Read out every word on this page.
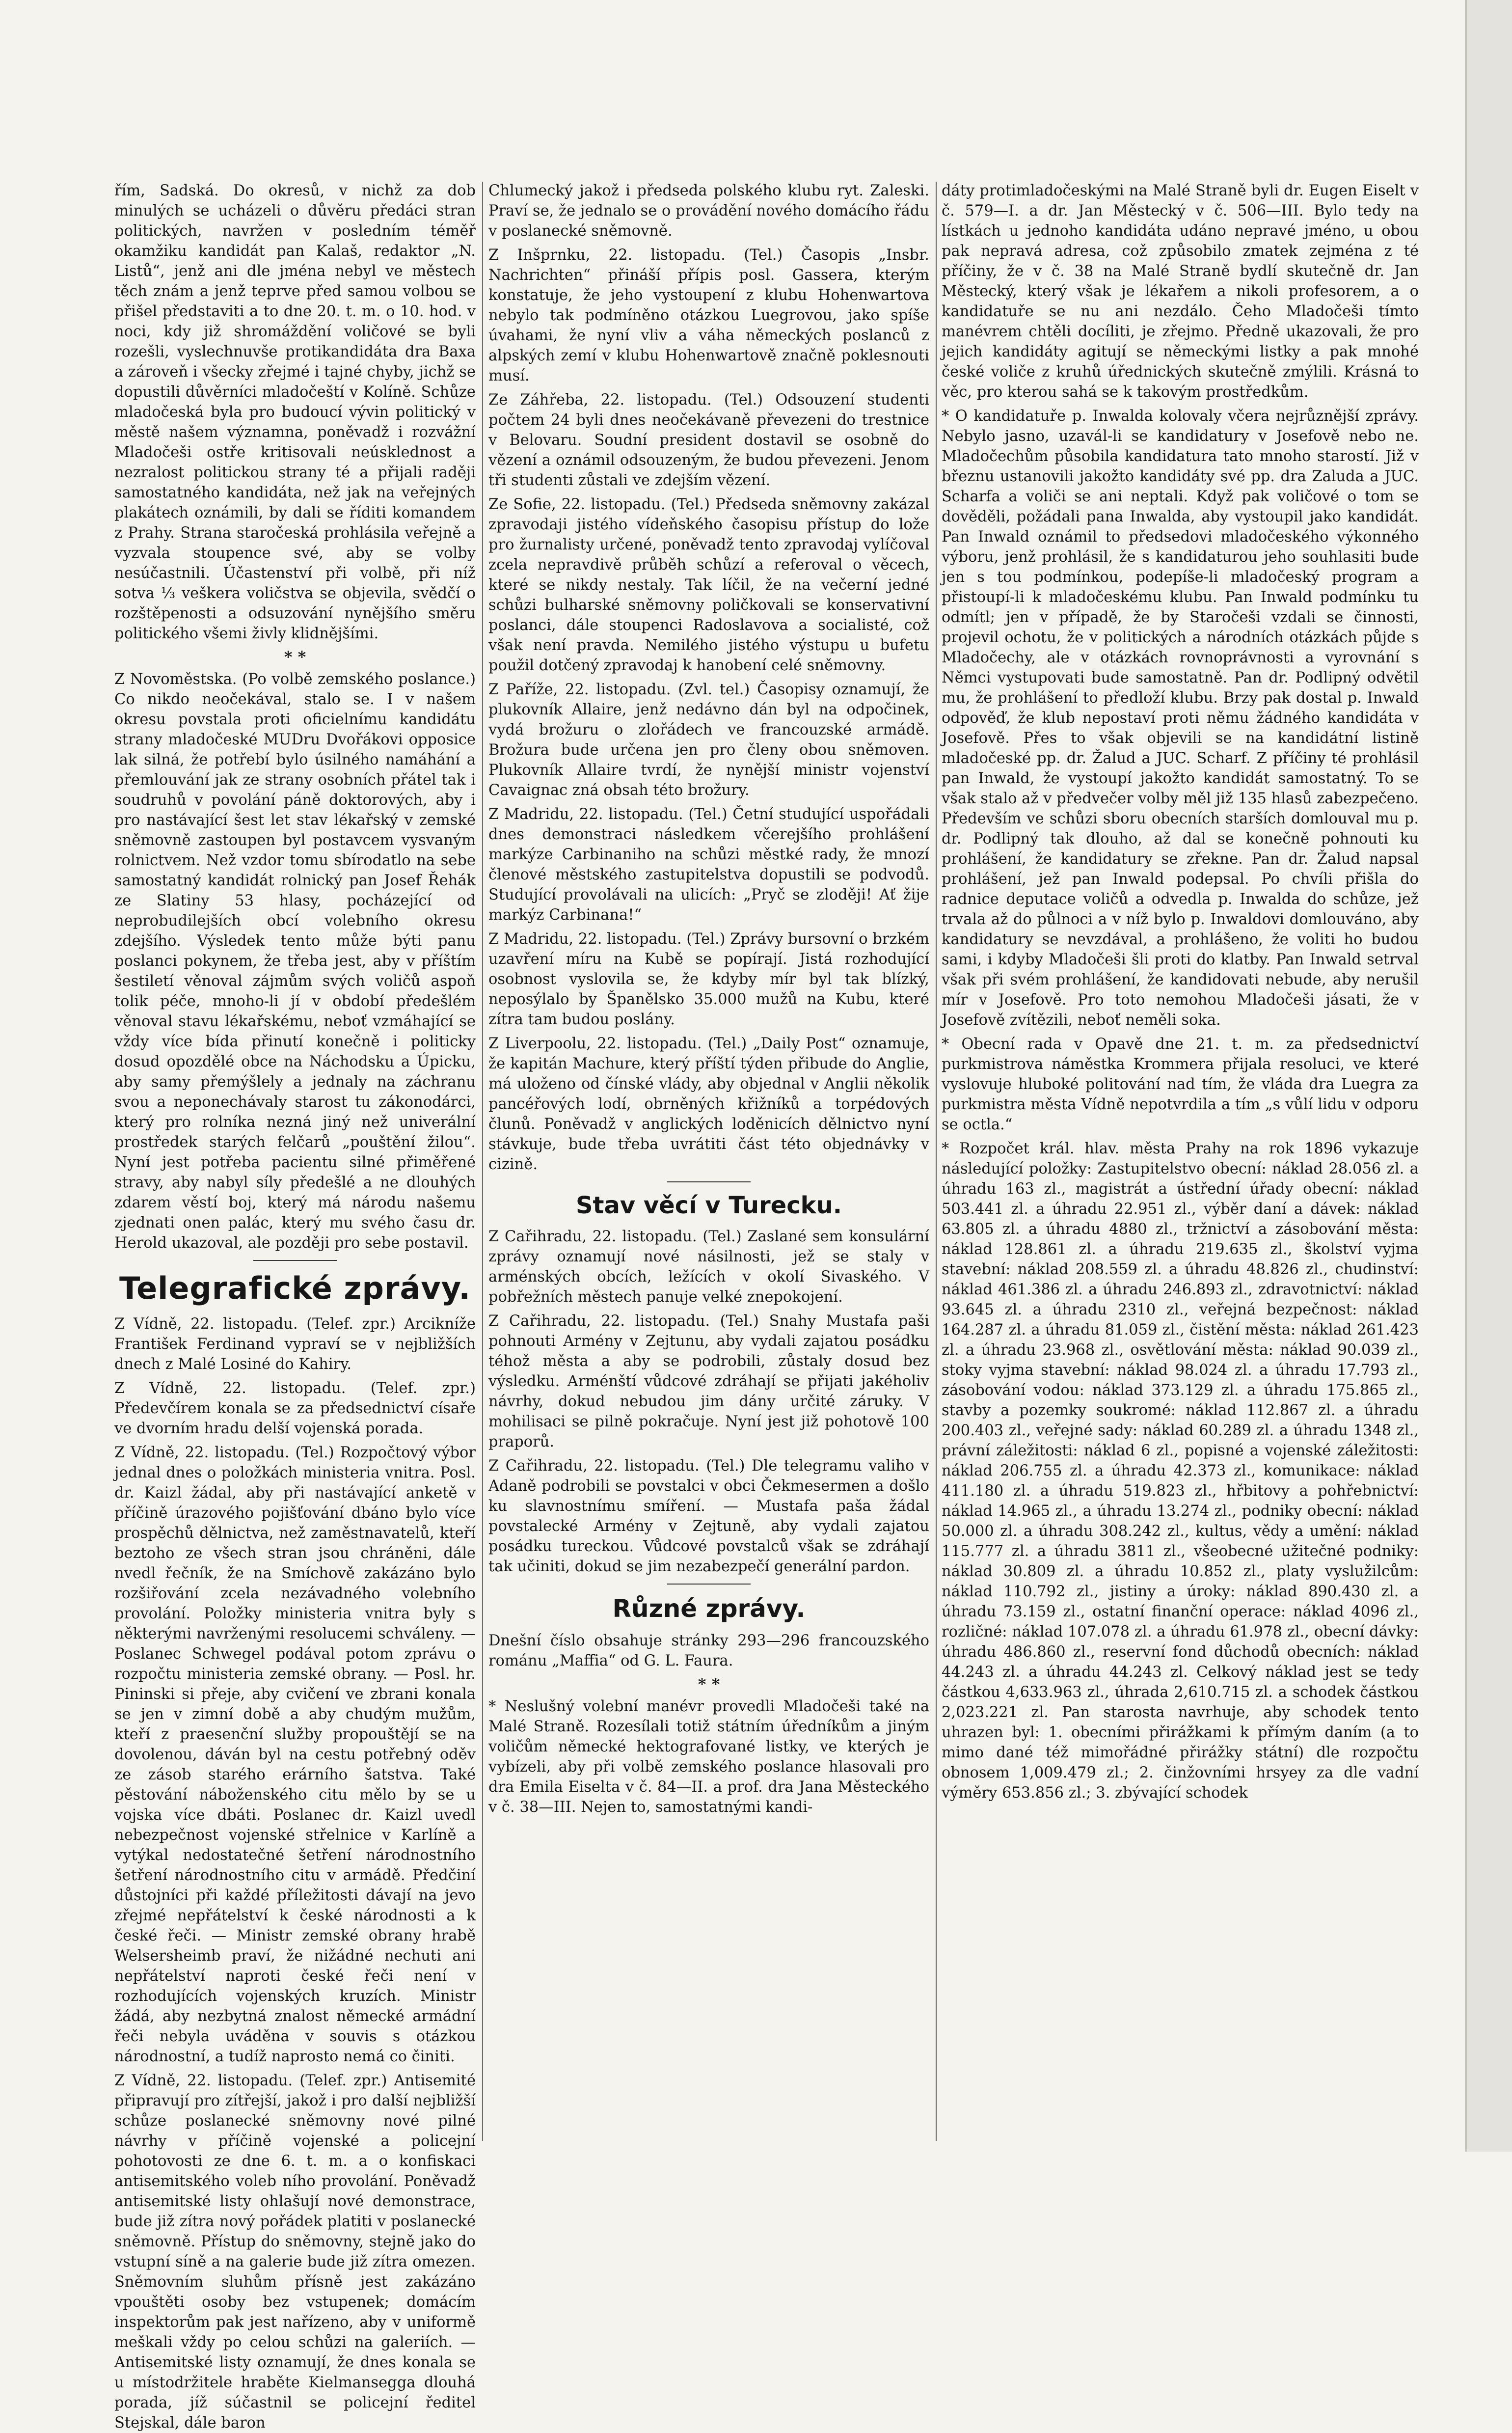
řím, Sadská. Do okresů, v nichž za dob minulých se ucházeli o důvěru předáci stran politických, navržen v posledním téměř okamžiku kandidát pan Kalaš, redaktor „N. Listů“, jenž ani dle jména nebyl ve městech těch znám a jenž teprve před samou volbou se přišel představiti a to dne 20. t. m. o 10. hod. v noci, kdy již shromáždění voličové se byli rozešli, vyslechnuvše protikandidáta dra Baxa a zároveň i všecky zřejmé i tajné chyby, jichž se dopustili důvěrníci mladočeští v Kolíně. Schůze mladočeská byla pro budoucí vývin politický v městě našem významna, poněvadž i rozvážní Mladočeši ostře kritisovali neúsklednost a nezralost politickou strany té a přijali raději samostatného kandidáta, než jak na veřejných plakátech oznámili, by dali se říditi komandem z Prahy. Strana staročeská prohlásila veřejně a vyzvala stoupence své, aby se volby nesúčastnili. Účastenství při volbě, při níž sotva ⅓ veškera voličstva se objevila, svědčí o rozštěpenosti a odsuzování nynějšího směru politického všemi živly klidnějšími.

* *

Z Novoměstska. (Po volbě zemského poslance.) Co nikdo neočekával, stalo se. I v našem okresu povstala proti oficielnímu kandidátu strany mladočeské MUDru Dvořákovi opposice lak silná, že potřebí bylo úsilného namáhání a přemlouvání jak ze strany osobních přátel tak i soudruhů v povolání páně doktorových, aby i pro nastávající šest let stav lékařský v zemské sněmovně zastoupen byl postavcem vysvaným rolnictvem. Než vzdor tomu sbírodatlo na sebe samostatný kandidát rolnický pan Josef Řehák ze Slatiny 53 hlasy, pocházející od neprobudilejších obcí volebního okresu zdejšího. Výsledek tento může býti panu poslanci pokynem, že třeba jest, aby v příštím šestiletí věnoval zájmům svých voličů aspoň tolik péče, mnoho-li jí v období předešlém věnoval stavu lékařskému, neboť vzmáhající se vždy více bída přinutí konečně i politicky dosud opozdělé obce na Náchodsku a Úpicku, aby samy přemýšlely a jednaly na záchranu svou a neponechávaly starost tu zákonodárci, který pro rolníka nezná jiný než univerální prostředek starých felčarů „pouštění žilou“. Nyní jest potřeba pacientu silné přiměřené stravy, aby nabyl síly předešlé a ne dlouhých zdarem věstí boj, který má národu našemu zjednati onen palác, který mu svého času dr. Herold ukazoval, ale později pro sebe postavil.

Telegrafické zprávy.

Z Vídně, 22. listopadu. (Telef. zpr.) Arcikníže František Ferdinand vypraví se v nejbližších dnech z Malé Losiné do Kahiry.

Z Vídně, 22. listopadu. (Telef. zpr.) Předevčírem konala se za předsednictví císaře ve dvorním hradu delší vojenská porada.

Z Vídně, 22. listopadu. (Tel.) Rozpočtový výbor jednal dnes o položkách ministeria vnitra. Posl. dr. Kaizl žádal, aby při nastávající anketě v příčině úrazového pojišťování dbáno bylo více prospěchů dělnictva, než zaměstnavatelů, kteří beztoho ze všech stran jsou chráněni, dále nvedl řečník, že na Smíchově zakázáno bylo rozšiřování zcela nezávadného volebního provolání. Položky ministeria vnitra byly s některými navrženými resolucemi schváleny. — Poslanec Schwegel podával potom zprávu o rozpočtu ministeria zemské obrany. — Posl. hr. Pininski si přeje, aby cvičení ve zbrani konala se jen v zimní době a aby chudým mužům, kteří z praesenční služby propouštějí se na dovolenou, dáván byl na cestu potřebný oděv ze zásob starého erárního šatstva. Také pěstování náboženského citu mělo by se u vojska více dbáti. Poslanec dr. Kaizl uvedl nebezpečnost vojenské střelnice v Karlíně a vytýkal nedostatečné šetření národnostního šetření národnostního citu v armádě. Předčiní důstojníci při každé příležitosti dávají na jevo zřejmé nepřátelství k české národnosti a k české řeči. — Ministr zemské obrany hrabě Welsersheimb praví, že nižádné nechuti ani nepřátelství naproti české řeči není v rozhodujících vojenských kruzích. Ministr žádá, aby nezbytná znalost německé armádní řeči nebyla uváděna v souvis s otázkou národnostní, a tudíž naprosto nemá co činiti.

Z Vídně, 22. listopadu. (Telef. zpr.) Antisemité připravují pro zítřejší, jakož i pro další nejbližší schůze poslanecké sněmovny nové pilné návrhy v příčině vojenské a policejní pohotovosti ze dne 6. t. m. a o konfiskaci antisemitského voleb ního provolání. Poněvadž antisemitské listy ohlašují nové demonstrace, bude již zítra nový pořádek platiti v poslanecké sněmovně. Přístup do sněmovny, stejně jako do vstupní síně a na galerie bude již zítra omezen. Sněmovním sluhům přísně jest zakázáno vpouštěti osoby bez vstupenek; domácím inspektorům pak jest nařízeno, aby v uniformě meškali vždy po celou schůzi na galeriích. — Antisemitské listy oznamují, že dnes konala se u místodržitele hraběte Kielmansegga dlouhá porada, jíž súčastnil se policejní ředitel Stejskal, dále baron

Chlumecký jakož i předseda polského klubu ryt. Zaleski. Praví se, že jednalo se o provádění nového domácího řádu v poslanecké sněmovně.

Z Inšprnku, 22. listopadu. (Tel.) Časopis „Insbr. Nachrichten“ přináší přípis posl. Gassera, kterým konstatuje, že jeho vystoupení z klubu Hohenwartova nebylo tak podmíněno otázkou Luegrovou, jako spíše úvahami, že nyní vliv a váha německých poslanců z alpských zemí v klubu Hohenwartově značně poklesnouti musí.

Ze Záhřeba, 22. listopadu. (Tel.) Odsouzení studenti počtem 24 byli dnes neočekávaně převezeni do trestnice v Belovaru. Soudní president dostavil se osobně do vězení a oznámil odsouzeným, že budou převezeni. Jenom tři studenti zůstali ve zdejším vězení.

Ze Sofie, 22. listopadu. (Tel.) Předseda sněmovny zakázal zpravodaji jistého vídeňského časopisu přístup do lože pro žurnalisty určené, poněvadž tento zpravodaj vylíčoval zcela nepravdivě průběh schůzí a referoval o věcech, které se nikdy nestaly. Tak líčil, že na večerní jedné schůzi bulharské sněmovny poličkovali se konservativní poslanci, dále stoupenci Radoslavova a socialisté, což však není pravda. Nemilého jistého výstupu u bufetu použil dotčený zpravodaj k hanobení celé sněmovny.

Z Paříže, 22. listopadu. (Zvl. tel.) Časopisy oznamují, že plukovník Allaire, jenž nedávno dán byl na odpočinek, vydá brožuru o zlořádech ve francouzské armádě. Brožura bude určena jen pro členy obou sněmoven. Plukovník Allaire tvrdí, že nynější ministr vojenství Cavaignac zná obsah této brožury.

Z Madridu, 22. listopadu. (Tel.) Četní studující uspořádali dnes demonstraci následkem včerejšího prohlášení markýze Carbinaniho na schůzi městké rady, že mnozí členové městského zastupitelstva dopustili se podvodů. Studující provolávali na ulicích: „Pryč se zloději! Ať žije markýz Carbinana!“

Z Madridu, 22. listopadu. (Tel.) Zprávy bursovní o brzkém uzavření míru na Kubě se popírají. Jistá rozhodující osobnost vyslovila se, že kdyby mír byl tak blízký, neposýlalo by Španělsko 35.000 mužů na Kubu, které zítra tam budou poslány.

Z Liverpoolu, 22. listopadu. (Tel.) „Daily Post“ oznamuje, že kapitán Machure, který příští týden přibude do Anglie, má uloženo od čínské vlády, aby objednal v Anglii několik pancéřových lodí, obrněných křižníků a torpédových člunů. Poněvadž v anglických loděnicích dělnictvo nyní stávkuje, bude třeba uvrátiti část této objednávky v cizině.

Stav věcí v Turecku.

Z Cařihradu, 22. listopadu. (Tel.) Zaslané sem konsulární zprávy oznamují nové násilnosti, jež se staly v arménských obcích, ležících v okolí Sivaského. V pobřežních městech panuje velké znepokojení.

Z Cařihradu, 22. listopadu. (Tel.) Snahy Mustafa paši pohnouti Armény v Zejtunu, aby vydali zajatou posádku téhož města a aby se podrobili, zůstaly dosud bez výsledku. Arménští vůdcové zdráhají se přijati jakéholiv návrhy, dokud nebudou jim dány určité záruky. V mohilisaci se pilně pokračuje. Nyní jest již pohotově 100 praporů.

Z Cařihradu, 22. listopadu. (Tel.) Dle telegramu valiho v Adaně podrobili se povstalci v obci Čekmesermen a došlo ku slavnostnímu smíření. — Mustafa paša žádal povstalecké Armény v Zejtuně, aby vydali zajatou posádku tureckou. Vůdcové povstalců však se zdráhají tak učiniti, dokud se jim nezabezpečí generální pardon.

Různé zprávy.

Dnešní číslo obsahuje stránky 293—296 francouzského románu „Maffia“ od G. L. Faura.

* *

* Neslušný volební manévr provedli Mladočeši také na Malé Straně. Rozesílali totiž státním úředníkům a jiným voličům německé hektografované listky, ve kterých je vybízeli, aby při volbě zemského poslance hlasovali pro dra Emila Eiselta v č. 84—II. a prof. dra Jana Městeckého v č. 38—III. Nejen to, samostatnými kandi-

dáty protimladočeskými na Malé Straně byli dr. Eugen Eiselt v č. 579—I. a dr. Jan Městecký v č. 506—III. Bylo tedy na lístkách u jednoho kandidáta udáno nepravé jméno, u obou pak nepravá adresa, což způsobilo zmatek zejména z té příčiny, že v č. 38 na Malé Straně bydlí skutečně dr. Jan Městecký, který však je lékařem a nikoli profesorem, a o kandidatuře se nu ani nezdálo. Čeho Mladočeši tímto manévrem chtěli docíliti, je zřejmo. Předně ukazovali, že pro jejich kandidáty agitují se německými listky a pak mnohé české voliče z kruhů úřednických skutečně zmýlili. Krásná to věc, pro kterou sahá se k takovým prostředkům.

* O kandidatuře p. Inwalda kolovaly včera nejrůznější zprávy. Nebylo jasno, uzavál-li se kandidatury v Josefově nebo ne. Mladočechům působila kandidatura tato mnoho starostí. Již v březnu ustanovili jakožto kandidáty své pp. dra Zaluda a JUC. Scharfa a voliči se ani neptali. Když pak voličové o tom se dověděli, požádali pana Inwalda, aby vystoupil jako kandidát. Pan Inwald oznámil to předsedovi mladočeského výkonného výboru, jenž prohlásil, že s kandidaturou jeho souhlasiti bude jen s tou podmínkou, podepíše-li mladočeský program a přistoupí-li k mladočeskému klubu. Pan Inwald podmínku tu odmítl; jen v případě, že by Staročeši vzdali se činnosti, projevil ochotu, že v politických a národních otázkách půjde s Mladočechy, ale v otázkách rovnoprávnosti a vyrovnání s Němci vystupovati bude samostatně. Pan dr. Podlipný odvětil mu, že prohlášení to předloží klubu. Brzy pak dostal p. Inwald odpověď, že klub nepostaví proti němu žádného kandidáta v Josefově. Přes to však objevili se na kandidátní listině mladočeské pp. dr. Žalud a JUC. Scharf. Z příčiny té prohlásil pan Inwald, že vystoupí jakožto kandidát samostatný. To se však stalo až v předvečer volby měl již 135 hlasů zabezpečeno. Především ve schůzi sboru obecních starších domlouval mu p. dr. Podlipný tak dlouho, až dal se konečně pohnouti ku prohlášení, že kandidatury se zřekne. Pan dr. Žalud napsal prohlášení, jež pan Inwald podepsal. Po chvíli přišla do radnice deputace voličů a odvedla p. Inwalda do schůze, jež trvala až do půlnoci a v níž bylo p. Inwaldovi domlouváno, aby kandidatury se nevzdával, a prohlášeno, že voliti ho budou sami, i kdyby Mladočeši šli proti do klatby. Pan Inwald setrval však při svém prohlášení, že kandidovati nebude, aby nerušil mír v Josefově. Pro toto nemohou Mladočeši jásati, že v Josefově zvítězili, neboť neměli soka.

* Obecní rada v Opavě dne 21. t. m. za předsednictví purkmistrova náměstka Krommera přijala resoluci, ve které vyslovuje hluboké politování nad tím, že vláda dra Luegra za purkmistra města Vídně nepotvrdila a tím „s vůlí lidu v odporu se octla.“

* Rozpočet král. hlav. města Prahy na rok 1896 vykazuje následující položky: Zastupitelstvo obecní: náklad 28.056 zl. a úhradu 163 zl., magistrát a ústřední úřady obecní: náklad 503.441 zl. a úhradu 22.951 zl., výběr daní a dávek: náklad 63.805 zl. a úhradu 4880 zl., tržnictví a zásobování města: náklad 128.861 zl. a úhradu 219.635 zl., školství vyjma stavební: náklad 208.559 zl. a úhradu 48.826 zl., chudinství: náklad 461.386 zl. a úhradu 246.893 zl., zdravotnictví: náklad 93.645 zl. a úhradu 2310 zl., veřejná bezpečnost: náklad 164.287 zl. a úhradu 81.059 zl., čistění města: náklad 261.423 zl. a úhradu 23.968 zl., osvětlování města: náklad 90.039 zl., stoky vyjma stavební: náklad 98.024 zl. a úhradu 17.793 zl., zásobování vodou: náklad 373.129 zl. a úhradu 175.865 zl., stavby a pozemky soukromé: náklad 112.867 zl. a úhradu 200.403 zl., veřejné sady: náklad 60.289 zl. a úhradu 1348 zl., právní záležitosti: náklad 6 zl., popisné a vojenské záležitosti: náklad 206.755 zl. a úhradu 42.373 zl., komunikace: náklad 411.180 zl. a úhradu 519.823 zl., hřbitovy a pohřebnictví: náklad 14.965 zl., a úhradu 13.274 zl., podniky obecní: náklad 50.000 zl. a úhradu 308.242 zl., kultus, vědy a umění: náklad 115.777 zl. a úhradu 3811 zl., všeobecné užitečné podniky: náklad 30.809 zl. a úhradu 10.852 zl., platy vyslužilcům: náklad 110.792 zl., jistiny a úroky: náklad 890.430 zl. a úhradu 73.159 zl., ostatní finanční operace: náklad 4096 zl., rozličné: náklad 107.078 zl. a úhradu 61.978 zl., obecní dávky: úhradu 486.860 zl., reservní fond důchodů obecních: náklad 44.243 zl. a úhradu 44.243 zl. Celkový náklad jest se tedy částkou 4,633.963 zl., úhrada 2,610.715 zl. a schodek částkou 2,023.221 zl. Pan starosta navrhuje, aby schodek tento uhrazen byl: 1. obecními přirážkami k přímým daním (a to mimo dané též mimořádné přirážky státní) dle rozpočtu obnosem 1,009.479 zl.; 2. činžovními hrsyey za dle vadní výměry 653.856 zl.; 3. zbývající schodek
